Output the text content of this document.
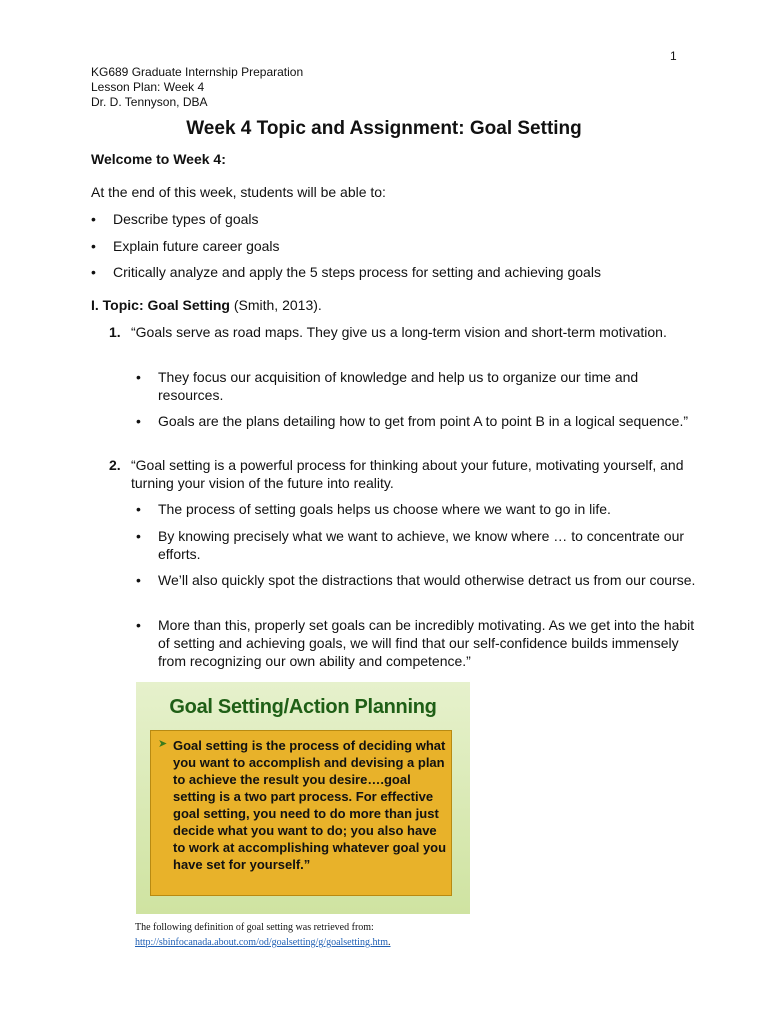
1
KG689 Graduate Internship Preparation
Lesson Plan: Week 4
Dr. D. Tennyson, DBA
Week 4 Topic and Assignment: Goal Setting
Welcome to Week 4:
At the end of this week, students will be able to:
• Describe types of goals
• Explain future career goals
• Critically analyze and apply the 5 steps process for setting and achieving goals
I. Topic: Goal Setting (Smith, 2013).
1. “Goals serve as road maps. They give us a long-term vision and short-term motivation.
• They focus our acquisition of knowledge and help us to organize our time and resources.
• Goals are the plans detailing how to get from point A to point B in a logical sequence.”
2. “Goal setting is a powerful process for thinking about your future, motivating yourself, and turning your vision of the future into reality.
• The process of setting goals helps us choose where we want to go in life.
• By knowing precisely what we want to achieve, we know where … to concentrate our efforts.
• We’ll also quickly spot the distractions that would otherwise detract us from our course.
• More than this, properly set goals can be incredibly motivating. As we get into the habit of setting and achieving goals, we will find that our self-confidence builds immensely from recognizing our own ability and competence.”
Goal Setting/Action Planning
➤ Goal setting is the process of deciding what you want to accomplish and devising a plan to achieve the result you desire….goal setting is a two part process. For effective goal setting, you need to do more than just decide what you want to do; you also have to work at accomplishing whatever goal you have set for yourself.”
The following definition of goal setting was retrieved from:
http://sbinfocanada.about.com/od/goalsetting/g/goalsetting.htm.
